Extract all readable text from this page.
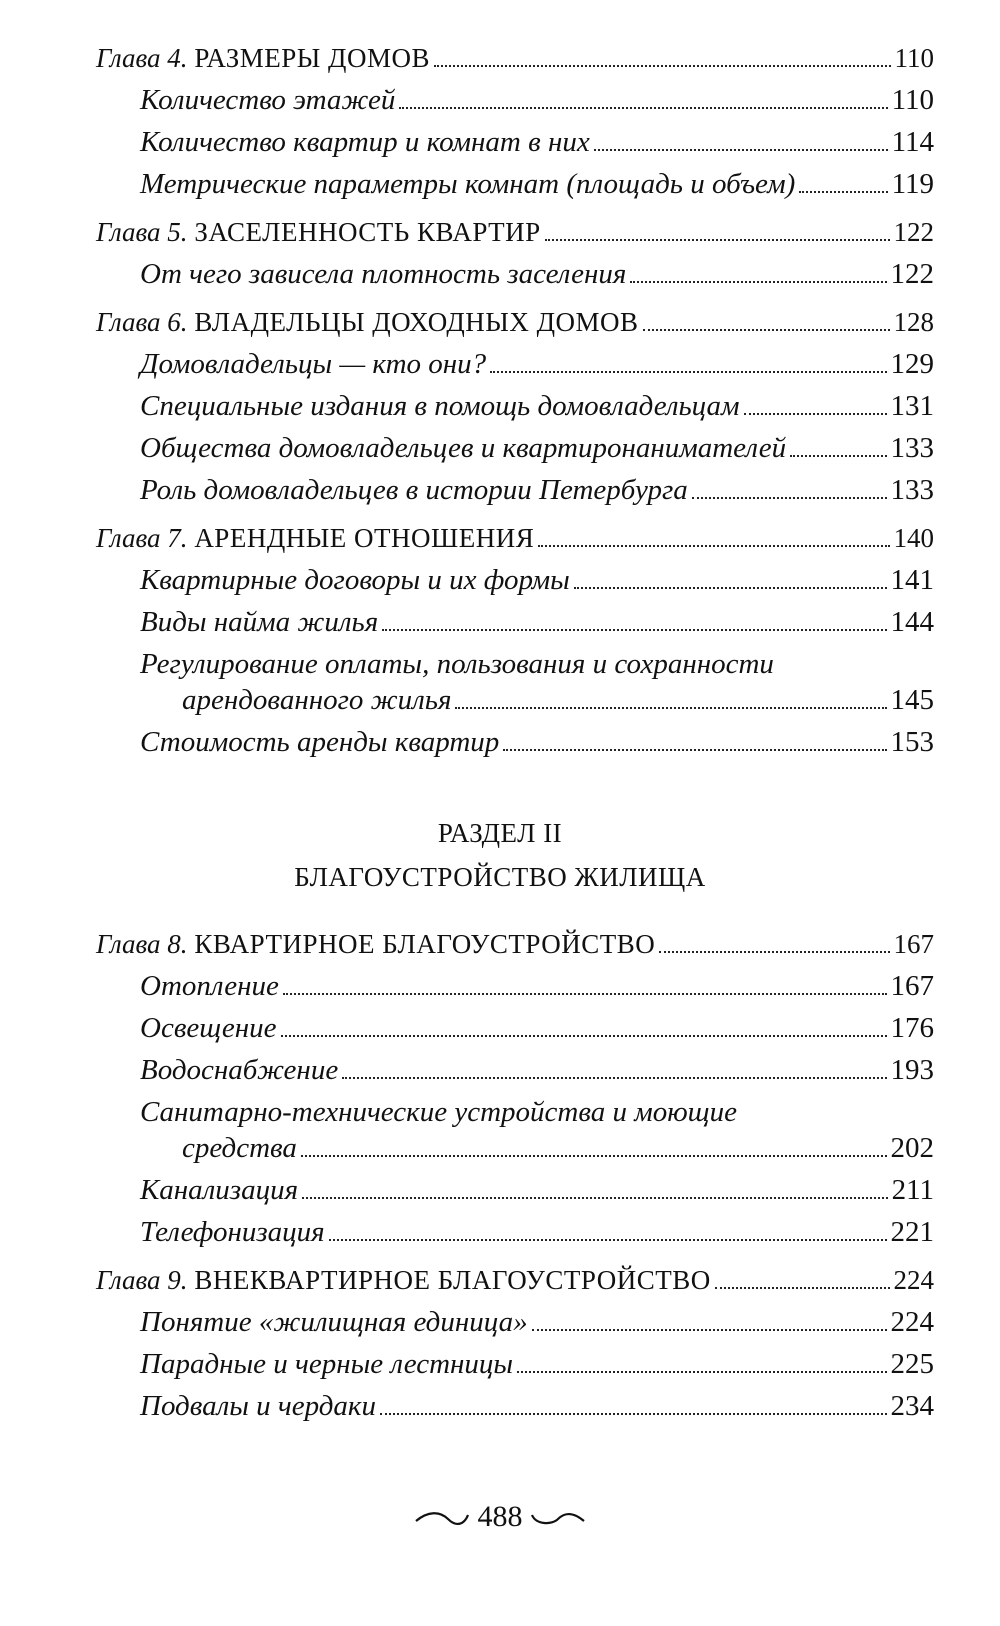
Глава 4. РАЗМЕРЫ ДОМОВ	110
Количество этажей	110
Количество квартир и комнат в них	114
Метрические параметры комнат (площадь и объем)	119
Глава 5. ЗАСЕЛЕННОСТЬ КВАРТИР	122
От чего зависела плотность заселения	122
Глава 6. ВЛАДЕЛЬЦЫ ДОХОДНЫХ ДОМОВ	128
Домовладельцы — кто они?	129
Специальные издания в помощь домовладельцам	131
Общества домовладельцев и квартиронанимателей	133
Роль домовладельцев в истории Петербурга	133
Глава 7. АРЕНДНЫЕ ОТНОШЕНИЯ	140
Квартирные договоры и их формы	141
Виды найма жилья	144
Регулирование оплаты, пользования и сохранности
арендованного жилья	145
Стоимость аренды квартир	153
РАЗДЕЛ II
БЛАГОУСТРОЙСТВО ЖИЛИЩА
Глава 8. КВАРТИРНОЕ БЛАГОУСТРОЙСТВО	167
Отопление	167
Освещение	176
Водоснабжение	193
Санитарно-технические устройства и моющие
средства	202
Канализация	211
Телефонизация	221
Глава 9. ВНЕКВАРТИРНОЕ БЛАГОУСТРОЙСТВО	224
Понятие «жилищная единица»	224
Парадные и черные лестницы	225
Подвалы и чердаки	234
488
